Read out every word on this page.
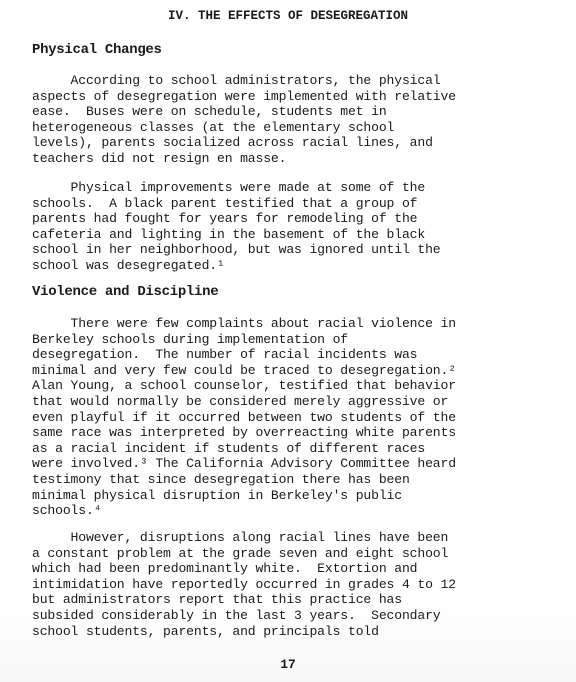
IV. THE EFFECTS OF DESEGREGATION
Physical Changes

According to school administrators, the physical
aspects of desegregation were implemented with relative
ease.  Buses were on schedule, students met in
heterogeneous classes (at the elementary school
levels), parents socialized across racial lines, and
teachers did not resign en masse.

Physical improvements were made at some of the
schools.  A black parent testified that a group of
parents had fought for years for remodeling of the
cafeteria and lighting in the basement of the black
school in her neighborhood, but was ignored until the
school was desegregated.¹

Violence and Discipline

There were few complaints about racial violence in
Berkeley schools during implementation of
desegregation.  The number of racial incidents was
minimal and very few could be traced to desegregation.²
Alan Young, a school counselor, testified that behavior
that would normally be considered merely aggressive or
even playful if it occurred between two students of the
same race was interpreted by overreacting white parents
as a racial incident if students of different races
were involved.³ The California Advisory Committee heard
testimony that since desegregation there has been
minimal physical disruption in Berkeley's public
schools.⁴

However, disruptions along racial lines have been
a constant problem at the grade seven and eight school
which had been predominantly white.  Extortion and
intimidation have reportedly occurred in grades 4 to 12
but administrators report that this practice has
subsided considerably in the last 3 years.  Secondary
school students, parents, and principals told

17
